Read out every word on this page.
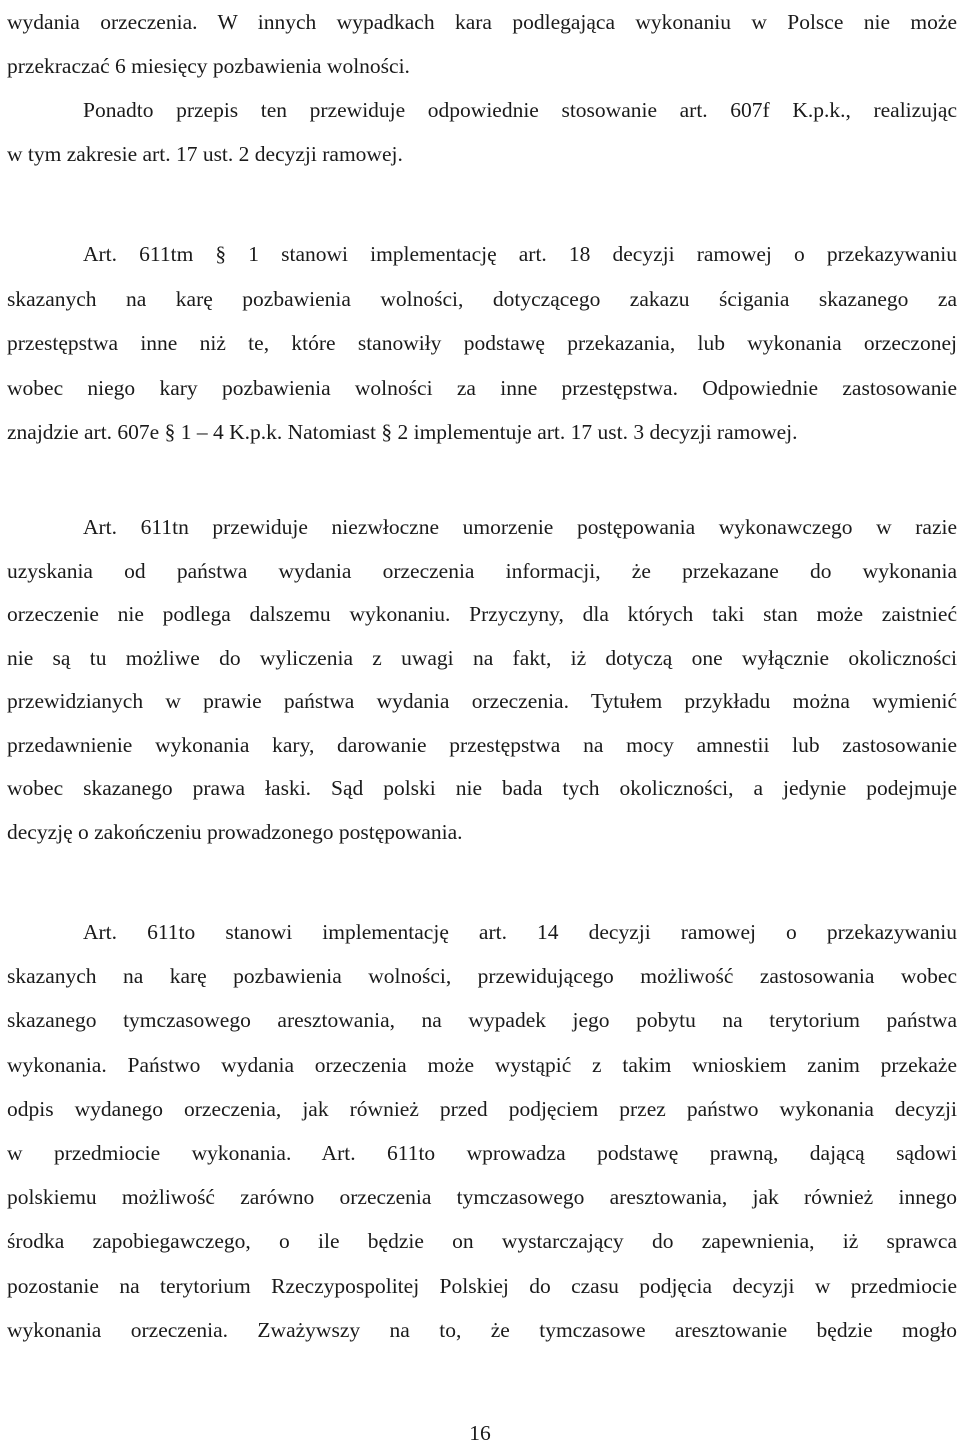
wydania orzeczenia. W innych wypadkach kara podlegająca wykonaniu w Polsce nie może
przekraczać 6 miesięcy pozbawienia wolności.
Ponadto przepis ten przewiduje odpowiednie stosowanie art. 607f K.p.k., realizując
w tym zakresie art. 17 ust. 2 decyzji ramowej.
Art. 611tm § 1 stanowi implementację art. 18 decyzji ramowej o przekazywaniu
skazanych na karę pozbawienia wolności, dotyczącego zakazu ścigania skazanego za
przestępstwa inne niż te, które stanowiły podstawę przekazania, lub wykonania orzeczonej
wobec niego kary pozbawienia wolności za inne przestępstwa. Odpowiednie zastosowanie
znajdzie art. 607e § 1 – 4 K.p.k. Natomiast § 2 implementuje art. 17 ust. 3 decyzji ramowej.
Art. 611tn przewiduje niezwłoczne umorzenie postępowania wykonawczego w razie
uzyskania od państwa wydania orzeczenia informacji, że przekazane do wykonania
orzeczenie nie podlega dalszemu wykonaniu. Przyczyny, dla których taki stan może zaistnieć
nie są tu możliwe do wyliczenia z uwagi na fakt, iż dotyczą one wyłącznie okoliczności
przewidzianych w prawie państwa wydania orzeczenia. Tytułem przykładu można wymienić
przedawnienie wykonania kary, darowanie przestępstwa na mocy amnestii lub zastosowanie
wobec skazanego prawa łaski. Sąd polski nie bada tych okoliczności, a jedynie podejmuje
decyzję o zakończeniu prowadzonego postępowania.
Art. 611to stanowi implementację art. 14 decyzji ramowej o przekazywaniu
skazanych na karę pozbawienia wolności, przewidującego możliwość zastosowania wobec
skazanego tymczasowego aresztowania, na wypadek jego pobytu na terytorium państwa
wykonania. Państwo wydania orzeczenia może wystąpić z takim wnioskiem zanim przekaże
odpis wydanego orzeczenia, jak również przed podjęciem przez państwo wykonania decyzji
w przedmiocie wykonania. Art. 611to wprowadza podstawę prawną, dającą sądowi
polskiemu możliwość zarówno orzeczenia tymczasowego aresztowania, jak również innego
środka zapobiegawczego, o ile będzie on wystarczający do zapewnienia, iż sprawca
pozostanie na terytorium Rzeczypospolitej Polskiej do czasu podjęcia decyzji w przedmiocie
wykonania orzeczenia. Zważywszy na to, że tymczasowe aresztowanie będzie mogło
16
